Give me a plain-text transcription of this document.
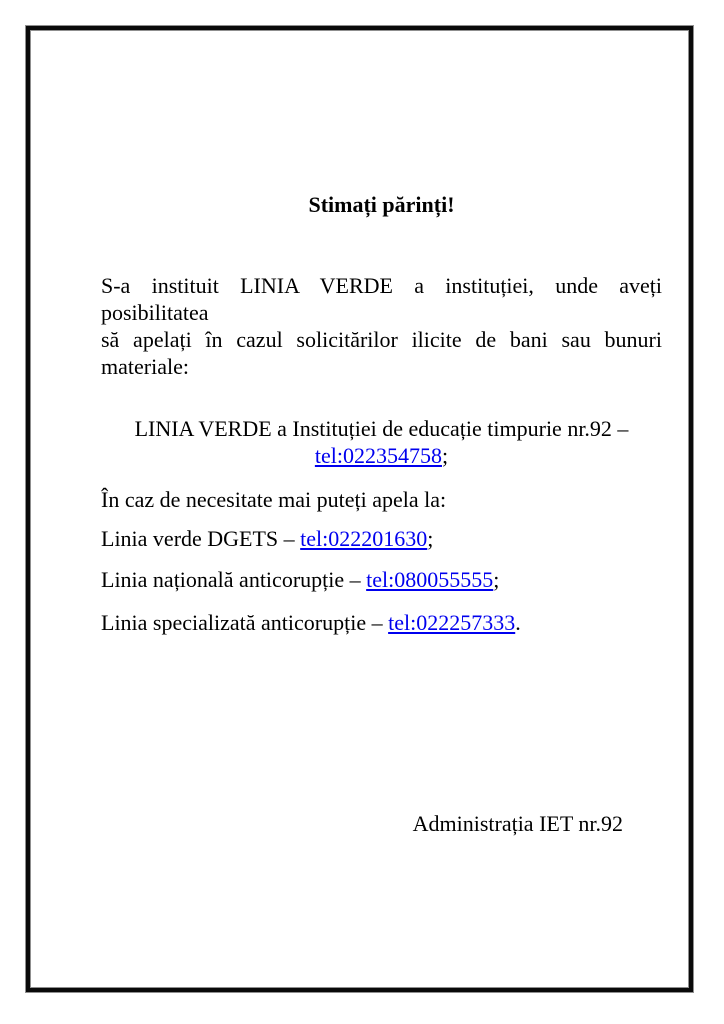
Stimați părinți!
S-a instituit LINIA VERDE a instituției, unde aveți posibilitatea
să apelați în cazul solicitărilor ilicite de bani sau bunuri
materiale:
LINIA VERDE a Instituției de educație timpurie nr.92 –
tel:022354758;
În caz de necesitate mai puteți apela la:
Linia verde DGETS – tel:022201630;
Linia națională anticorupție – tel:080055555;
Linia specializată anticorupție – tel:022257333.
Administrația IET nr.92
